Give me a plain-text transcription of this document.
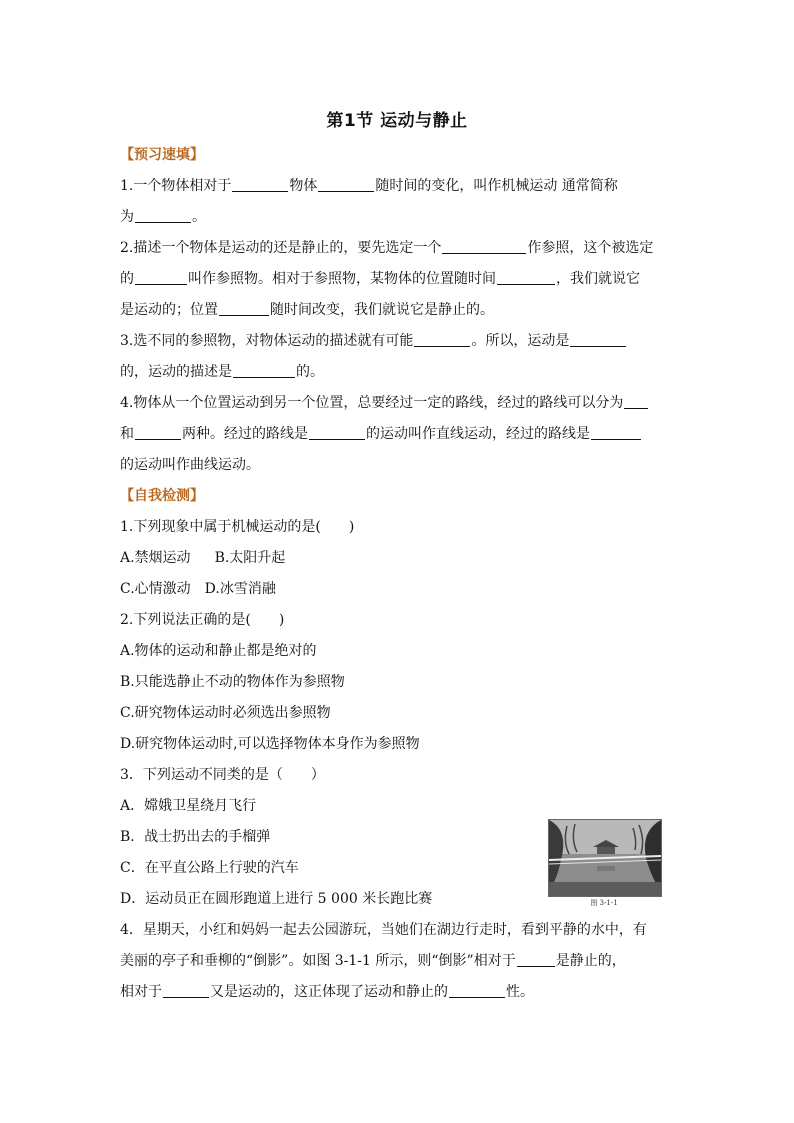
第1节 运动与静止
【预习速填】
1.一个物体相对于	物体	随时间的变化，叫作机械运动 通常简称
为	。
2.描述一个物体是运动的还是静止的，要先选定一个	作参照，这个被选定
的	叫作参照物。相对于参照物，某物体的位置随时间	，我们就说它
是运动的；位置	随时间改变，我们就说它是静止的。
3.选不同的参照物，对物体运动的描述就有可能	。所以，运动是
的，运动的描述是	的。
4.物体从一个位置运动到另一个位置，总要经过一定的路线，经过的路线可以分为
和	两种。经过的路线是	的运动叫作直线运动，经过的路线是
的运动叫作曲线运动。
【自我检测】
1.下列现象中属于机械运动的是(　　)
A.禁烟运动 B.太阳升起
C.心情激动 D.冰雪消融
2.下列说法正确的是(　　)
A.物体的运动和静止都是绝对的
B.只能选静止不动的物体作为参照物
C.研究物体运动时必须选出参照物
D.研究物体运动时,可以选择物体本身作为参照物
3．下列运动不同类的是（　　）
A．嫦娥卫星绕月飞行
B．战士扔出去的手榴弹
C．在平直公路上行驶的汽车
D．运动员正在圆形跑道上进行 5 000 米长跑比赛
4．星期天，小红和妈妈一起去公园游玩，当她们在湖边行走时，看到平静的水中，有
美丽的亭子和垂柳的“倒影”。如图 3-1-1 所示，则“倒影”相对于	是静止的，
相对于	又是运动的，这正体现了运动和静止的	性。
图 3-1-1
